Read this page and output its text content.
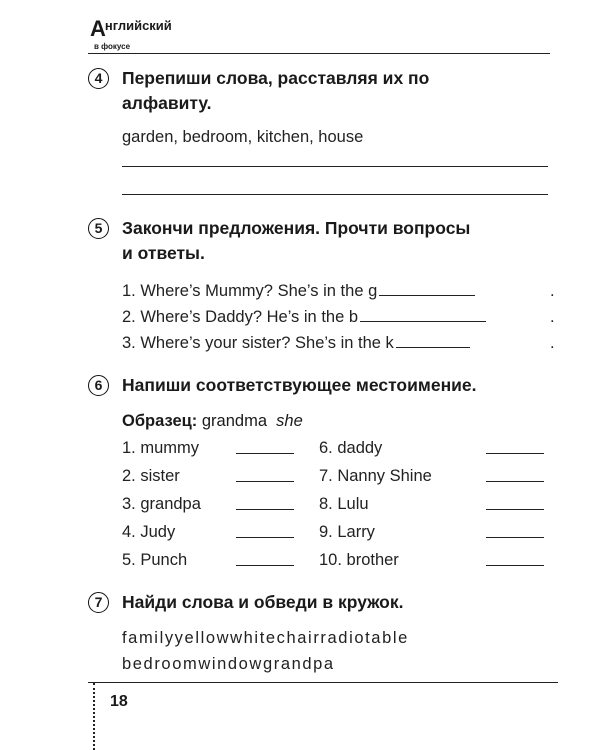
$А^{нглийский}$
в фокусе
4	Перепиши слова, расставляя их по
алфавиту.
garden, bedroom, kitchen, house
5	Закончи предложения. Прочти вопросы
и ответы.
1. Where’s Mummy? She’s in the g	.
2. Where’s Daddy? He’s in the b	.
3. Where’s your sister? She’s in the k	.
6	Напиши соответствующее местоимение.
Образец: grandma she
1. mummy	6. daddy
2. sister	7. Nanny Shine
3. grandpa	8. Lulu
4. Judy	9. Larry
5. Punch	10. brother
7	Найди слова и обведи в кружок.
familyyellowwhitechairradiotable
bedroomwindowgrandpa
18
